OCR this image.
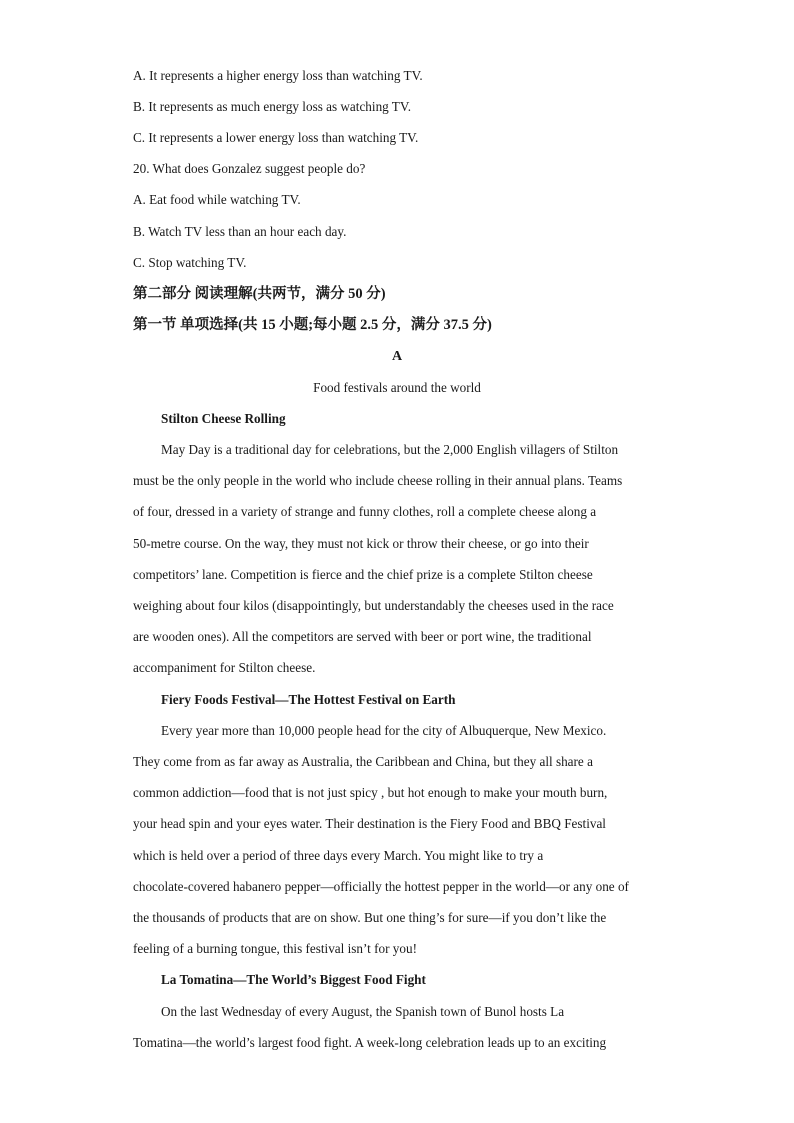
A. It represents a higher energy loss than watching TV.
B. It represents as much energy loss as watching TV.
C. It represents a lower energy loss than watching TV.
20. What does Gonzalez suggest people do?
A. Eat food while watching TV.
B. Watch TV less than an hour each day.
C. Stop watching TV.
第二部分 阅读理解(共两节，满分 50 分)
第一节 单项选择(共 15 小题;每小题 2.5 分，满分 37.5 分)
A
Food festivals around the world
Stilton Cheese Rolling
May Day is a traditional day for celebrations, but the 2,000 English villagers of Stilton
must be the only people in the world who include cheese rolling in their annual plans. Teams
of four, dressed in a variety of strange and funny clothes, roll a complete cheese along a
50-metre course. On the way, they must not kick or throw their cheese, or go into their
competitors’ lane. Competition is fierce and the chief prize is a complete Stilton cheese
weighing about four kilos (disappointingly, but understandably the cheeses used in the race
are wooden ones). All the competitors are served with beer or port wine, the traditional
accompaniment for Stilton cheese.
Fiery Foods Festival—The Hottest Festival on Earth
Every year more than 10,000 people head for the city of Albuquerque, New Mexico.
They come from as far away as Australia, the Caribbean and China, but they all share a
common addiction—food that is not just spicy , but hot enough to make your mouth burn,
your head spin and your eyes water. Their destination is the Fiery Food and BBQ Festival
which is held over a period of three days every March. You might like to try a
chocolate-covered habanero pepper—officially the hottest pepper in the world—or any one of
the thousands of products that are on show. But one thing’s for sure—if you don’t like the
feeling of a burning tongue, this festival isn’t for you!
La Tomatina—The World’s Biggest Food Fight
On the last Wednesday of every August, the Spanish town of Bunol hosts La
Tomatina—the world’s largest food fight. A week-long celebration leads up to an exciting
